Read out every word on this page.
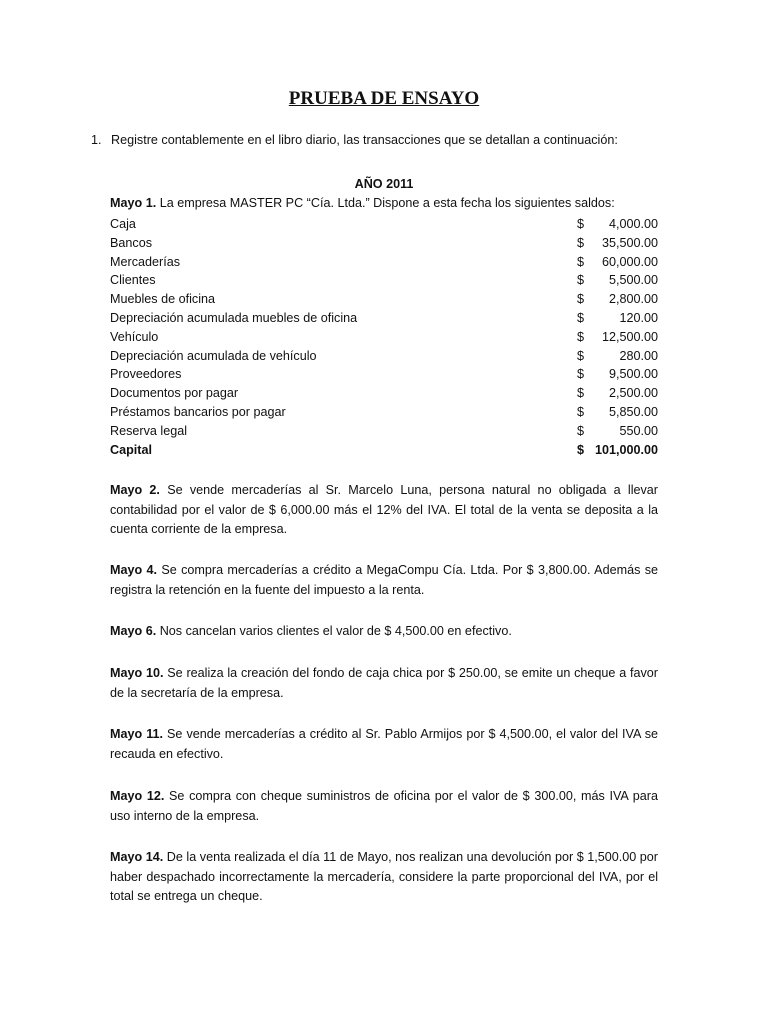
PRUEBA DE ENSAYO
1. Registre contablemente en el libro diario, las transacciones que se detallan a continuación:
AÑO 2011
Mayo 1. La empresa MASTER PC “Cía. Ltda.” Dispone a esta fecha los siguientes saldos:
Caja	$	4,000.00
Bancos	$	35,500.00
Mercaderías	$	60,000.00
Clientes	$	5,500.00
Muebles de oficina	$	2,800.00
Depreciación acumulada muebles de oficina	$	120.00
Vehículo	$	12,500.00
Depreciación acumulada de vehículo	$	280.00
Proveedores	$	9,500.00
Documentos por pagar	$	2,500.00
Préstamos bancarios por pagar	$	5,850.00
Reserva legal	$	550.00
Capital	$ 101,000.00
Mayo 2. Se vende mercaderías al Sr. Marcelo Luna, persona natural no obligada a llevar contabilidad por el valor de $ 6,000.00 más el 12% del IVA. El total de la venta se deposita a la cuenta corriente de la empresa.
Mayo 4. Se compra mercaderías a crédito a MegaCompu Cía. Ltda. Por $ 3,800.00. Además se registra la retención en la fuente del impuesto a la renta.
Mayo 6. Nos cancelan varios clientes el valor de $ 4,500.00 en efectivo.
Mayo 10. Se realiza la creación del fondo de caja chica por $ 250.00, se emite un cheque a favor de la secretaría de la empresa.
Mayo 11. Se vende mercaderías a crédito al Sr. Pablo Armijos por $ 4,500.00, el valor del IVA se recauda en efectivo.
Mayo 12. Se compra con cheque suministros de oficina por el valor de $ 300.00, más IVA para uso interno de la empresa.
Mayo 14. De la venta realizada el día 11 de Mayo, nos realizan una devolución por $ 1,500.00 por haber despachado incorrectamente la mercadería, considere la parte proporcional del IVA, por el total se entrega un cheque.
